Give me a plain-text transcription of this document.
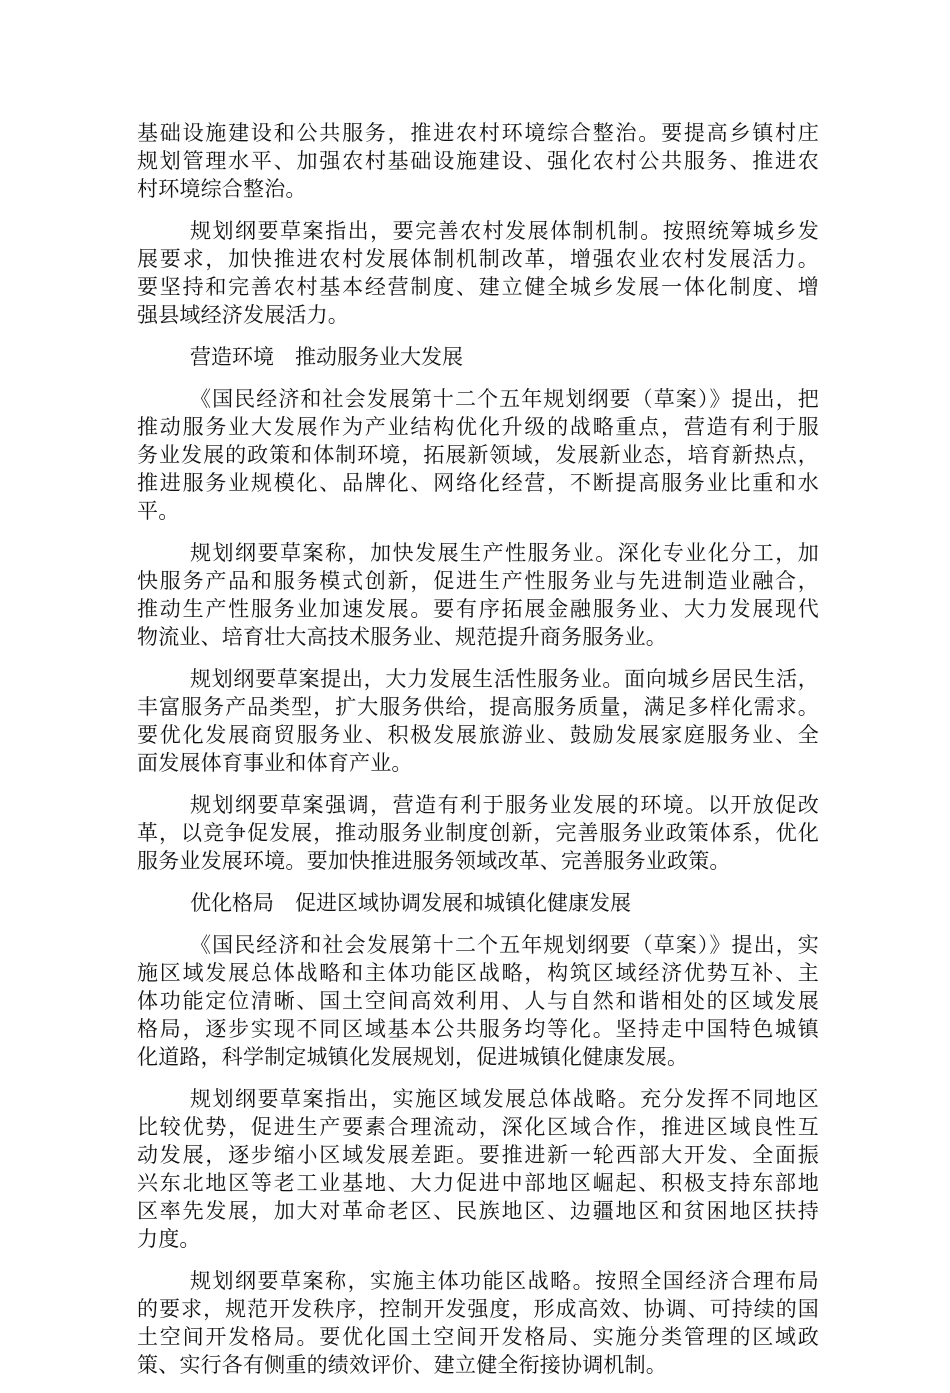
基础设施建设和公共服务，推进农村环境综合整治。要提高乡镇村庄
规划管理水平、加强农村基础设施建设、强化农村公共服务、推进农
村环境综合整治。
规划纲要草案指出，要完善农村发展体制机制。按照统筹城乡发
展要求，加快推进农村发展体制机制改革，增强农业农村发展活力。
要坚持和完善农村基本经营制度、建立健全城乡发展一体化制度、增
强县域经济发展活力。
营造环境　推动服务业大发展
《国民经济和社会发展第十二个五年规划纲要（草案）》提出，把
推动服务业大发展作为产业结构优化升级的战略重点，营造有利于服
务业发展的政策和体制环境，拓展新领域，发展新业态，培育新热点，
推进服务业规模化、品牌化、网络化经营，不断提高服务业比重和水
平。
规划纲要草案称，加快发展生产性服务业。深化专业化分工，加
快服务产品和服务模式创新，促进生产性服务业与先进制造业融合，
推动生产性服务业加速发展。要有序拓展金融服务业、大力发展现代
物流业、培育壮大高技术服务业、规范提升商务服务业。
规划纲要草案提出，大力发展生活性服务业。面向城乡居民生活，
丰富服务产品类型，扩大服务供给，提高服务质量，满足多样化需求。
要优化发展商贸服务业、积极发展旅游业、鼓励发展家庭服务业、全
面发展体育事业和体育产业。
规划纲要草案强调，营造有利于服务业发展的环境。以开放促改
革，以竞争促发展，推动服务业制度创新，完善服务业政策体系，优化
服务业发展环境。要加快推进服务领域改革、完善服务业政策。
优化格局　促进区域协调发展和城镇化健康发展
《国民经济和社会发展第十二个五年规划纲要（草案）》提出，实
施区域发展总体战略和主体功能区战略，构筑区域经济优势互补、主
体功能定位清晰、国土空间高效利用、人与自然和谐相处的区域发展
格局，逐步实现不同区域基本公共服务均等化。坚持走中国特色城镇
化道路，科学制定城镇化发展规划，促进城镇化健康发展。
规划纲要草案指出，实施区域发展总体战略。充分发挥不同地区
比较优势，促进生产要素合理流动，深化区域合作，推进区域良性互
动发展，逐步缩小区域发展差距。要推进新一轮西部大开发、全面振
兴东北地区等老工业基地、大力促进中部地区崛起、积极支持东部地
区率先发展，加大对革命老区、民族地区、边疆地区和贫困地区扶持
力度。
规划纲要草案称，实施主体功能区战略。按照全国经济合理布局
的要求，规范开发秩序，控制开发强度，形成高效、协调、可持续的国
土空间开发格局。要优化国土空间开发格局、实施分类管理的区域政
策、实行各有侧重的绩效评价、建立健全衔接协调机制。
